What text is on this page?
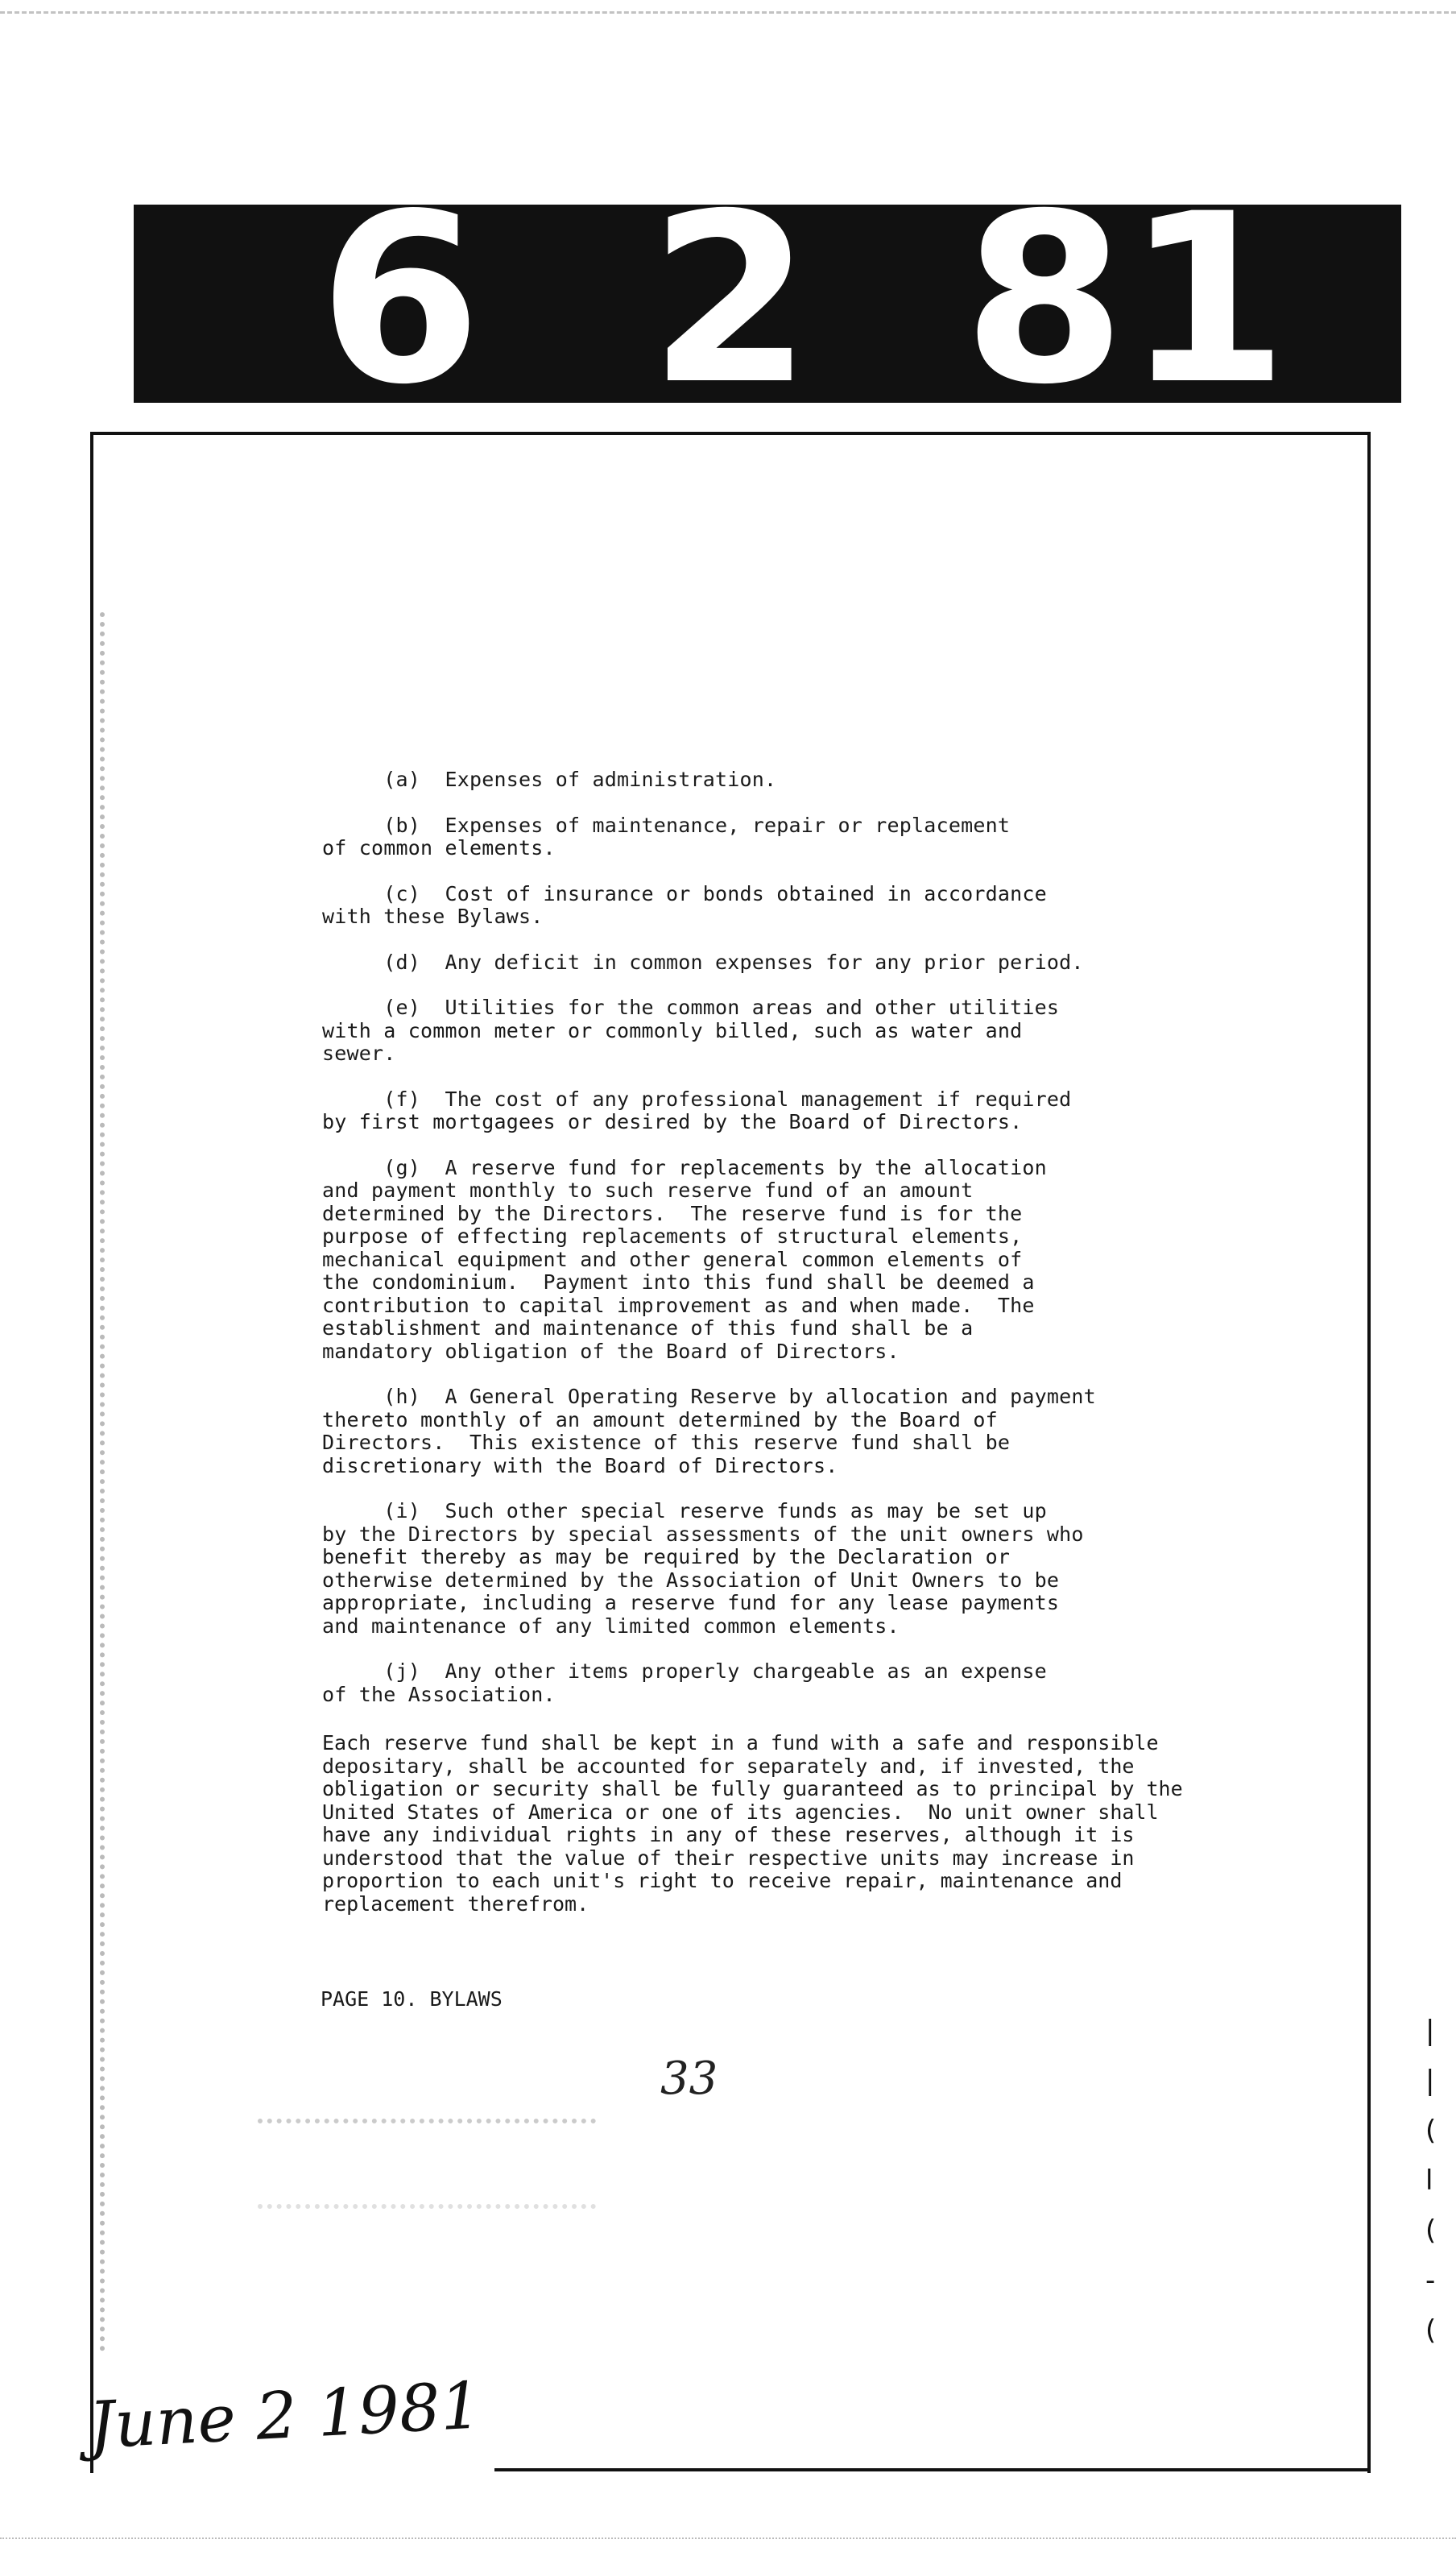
6 2 81
|
|
(
l
(
-
(
(a)  Expenses of administration.
(b)  Expenses of maintenance, repair or replacement
of common elements.
(c)  Cost of insurance or bonds obtained in accordance
with these Bylaws.
(d)  Any deficit in common expenses for any prior period.
(e)  Utilities for the common areas and other utilities
with a common meter or commonly billed, such as water and
sewer.
(f)  The cost of any professional management if required
by first mortgagees or desired by the Board of Directors.
(g)  A reserve fund for replacements by the allocation
and payment monthly to such reserve fund of an amount
determined by the Directors.  The reserve fund is for the
purpose of effecting replacements of structural elements,
mechanical equipment and other general common elements of
the condominium.  Payment into this fund shall be deemed a
contribution to capital improvement as and when made.  The
establishment and maintenance of this fund shall be a
mandatory obligation of the Board of Directors.
(h)  A General Operating Reserve by allocation and payment
thereto monthly of an amount determined by the Board of
Directors.  This existence of this reserve fund shall be
discretionary with the Board of Directors.
(i)  Such other special reserve funds as may be set up
by the Directors by special assessments of the unit owners who
benefit thereby as may be required by the Declaration or
otherwise determined by the Association of Unit Owners to be
appropriate, including a reserve fund for any lease payments
and maintenance of any limited common elements.
(j)  Any other items properly chargeable as an expense
of the Association.
Each reserve fund shall be kept in a fund with a safe and responsible
depositary, shall be accounted for separately and, if invested, the
obligation or security shall be fully guaranteed as to principal by the
United States of America or one of its agencies.  No unit owner shall
have any individual rights in any of these reserves, although it is
understood that the value of their respective units may increase in
proportion to each unit's right to receive repair, maintenance and
replacement therefrom.
PAGE 10. BYLAWS
33
June 2 1981
